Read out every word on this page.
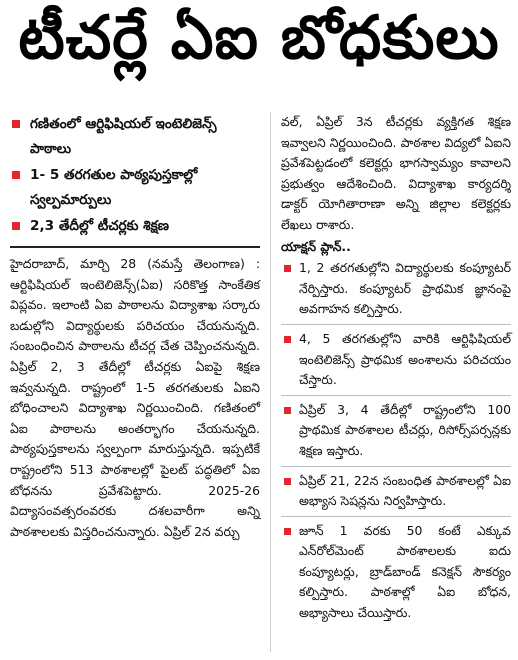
టీచర్లే ఏఐ బోధకులు
గణితంలో ఆర్టిఫిషియల్ ఇంటెలిజెన్స్ పాఠాలు
1- 5 తరగతుల పాఠ్యపుస్తకాల్లో స్వల్పమార్పులు
2,3 తేదీల్లో టీచర్లకు శిక్షణ

హైదరాబాద్, మార్చి 28 (నమస్తే తెలంగాణ) : ఆర్టిఫిషియల్ ఇంటెలిజెన్స్(ఏఐ) సరికొత్త సాంకేతిక విప్లవం. ఇలాంటి ఏఐ పాఠాలను విద్యాశాఖ సర్కారు బడుల్లోని విద్యార్థులకు పరిచయం చేయనున్నది. సంబంధించిన పాఠాలను టీచర్ల చేత చెప్పించనున్నది. ఏప్రిల్ 2, 3 తేదీల్లో టీచర్లకు ఏఐపై శిక్షణ ఇవ్వనున్నది. రాష్ట్రంలో 1-5 తరగతులకు ఏఐని బోధించాలని విద్యాశాఖ నిర్ణయించింది. గణితంలో ఏఐ పాఠాలను అంతర్భాగం చేయనున్నది. పాఠ్యపుస్తకాలను స్వల్పంగా మారుస్తున్నది. ఇప్పటికే రాష్ట్రంలోని 513 పాఠశాలల్లో పైలట్ పద్ధతిలో ఏఐ బోధనను ప్రవేశపెట్టారు. 2025-26 విద్యాసంవత్సరంవరకు దశలవారీగా అన్ని పాఠశాలలకు విస్తరించనున్నారు. ఏప్రిల్ 2న వర్చు

వల్, ఏప్రిల్ 3న టీచర్లకు వ్యక్తిగత శిక్షణ ఇవ్వాలని నిర్ణయించింది. పాఠశాల విద్యలో ఏఐని ప్రవేశపెట్టడంలో కలెక్టర్లు భాగస్వామ్యం కావాలని ప్రభుత్వం ఆదేశించింది. విద్యాశాఖ కార్యదర్శి డాక్టర్ యోగితారాణా అన్ని జిల్లాల కలెక్టర్లకు లేఖలు రాశారు.

యాక్షన్ ప్లాన్..
1, 2 తరగతుల్లోని విద్యార్థులకు కంప్యూటర్ నేర్పిస్తారు. కంప్యూటర్ ప్రాథమిక జ్ఞానంపై అవగాహన కల్పిస్తారు.
4, 5 తరగతుల్లోని వారికి ఆర్టిఫిషియల్ ఇంటెలిజెన్స్ ప్రాథమిక అంశాలను పరిచయం చేస్తారు.
ఏప్రిల్ 3, 4 తేదీల్లో రాష్ట్రంలోని 100 ప్రాథమిక పాఠశాలల టీచర్లు, రిసోర్స్‌పర్సన్లకు శిక్షణ ఇస్తారు.
ఏప్రిల్ 21, 22న సంబంధిత పాఠశాలల్లో ఏఐ అభ్యాస సెషన్లను నిర్వహిస్తారు.
జూన్ 1 వరకు 50 కంటే ఎక్కువ ఎన్‌రోల్‌మెంట్ పాఠశాలలకు ఐదు కంప్యూటర్లు, బ్రాడ్‌బాండ్ కనెక్షన్ సౌకర్యం కల్పిస్తారు. పాఠశాల్లో ఏఐ బోధన, అభ్యాసాలు చేయిస్తారు.
